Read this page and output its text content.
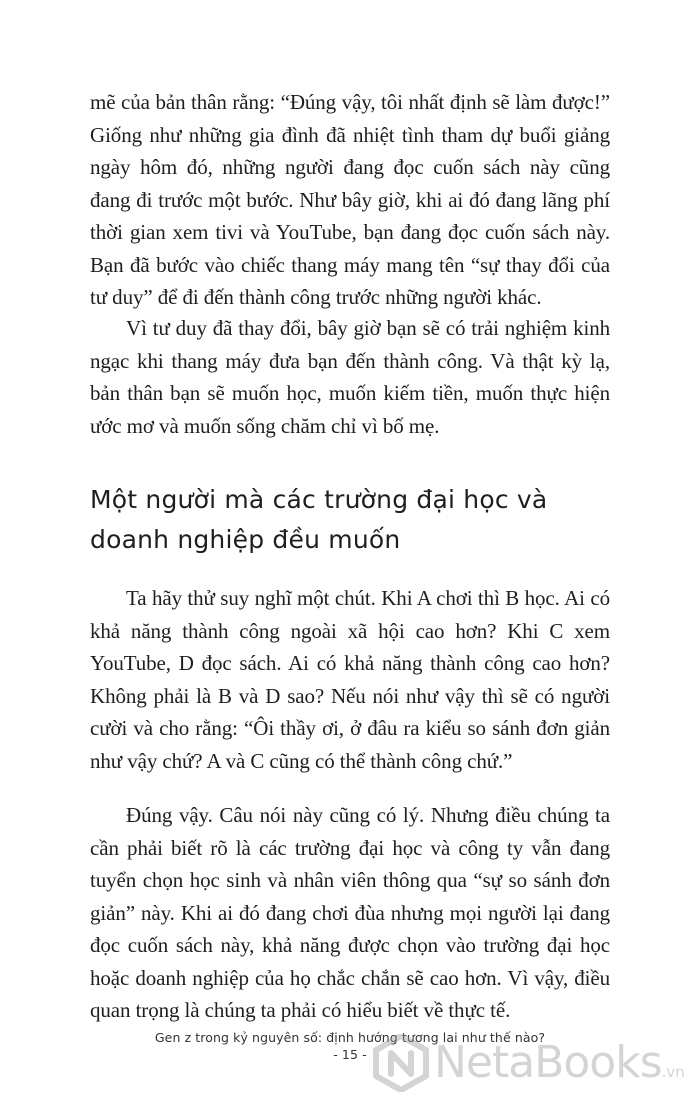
mẽ của bản thân rằng: “Đúng vậy, tôi nhất định sẽ làm được!” Giống như những gia đình đã nhiệt tình tham dự buổi giảng ngày hôm đó, những người đang đọc cuốn sách này cũng đang đi trước một bước. Như bây giờ, khi ai đó đang lãng phí thời gian xem tivi và YouTube, bạn đang đọc cuốn sách này. Bạn đã bước vào chiếc thang máy mang tên “sự thay đổi của tư duy” để đi đến thành công trước những người khác.

Vì tư duy đã thay đổi, bây giờ bạn sẽ có trải nghiệm kinh ngạc khi thang máy đưa bạn đến thành công. Và thật kỳ lạ, bản thân bạn sẽ muốn học, muốn kiếm tiền, muốn thực hiện ước mơ và muốn sống chăm chỉ vì bố mẹ.

Một người mà các trường đại học và doanh nghiệp đều muốn

Ta hãy thử suy nghĩ một chút. Khi A chơi thì B học. Ai có khả năng thành công ngoài xã hội cao hơn? Khi C xem YouTube, D đọc sách. Ai có khả năng thành công cao hơn? Không phải là B và D sao? Nếu nói như vậy thì sẽ có người cười và cho rằng: “Ôi thầy ơi, ở đâu ra kiểu so sánh đơn giản như vậy chứ? A và C cũng có thể thành công chứ.”

Đúng vậy. Câu nói này cũng có lý. Nhưng điều chúng ta cần phải biết rõ là các trường đại học và công ty vẫn đang tuyển chọn học sinh và nhân viên thông qua “sự so sánh đơn giản” này. Khi ai đó đang chơi đùa nhưng mọi người lại đang đọc cuốn sách này, khả năng được chọn vào trường đại học hoặc doanh nghiệp của họ chắc chắn sẽ cao hơn. Vì vậy, điều quan trọng là chúng ta phải có hiểu biết về thực tế.

Gen z trong kỷ nguyên số: định hướng tương lai như thế nào?
- 15 -	NetaBooks.vn
